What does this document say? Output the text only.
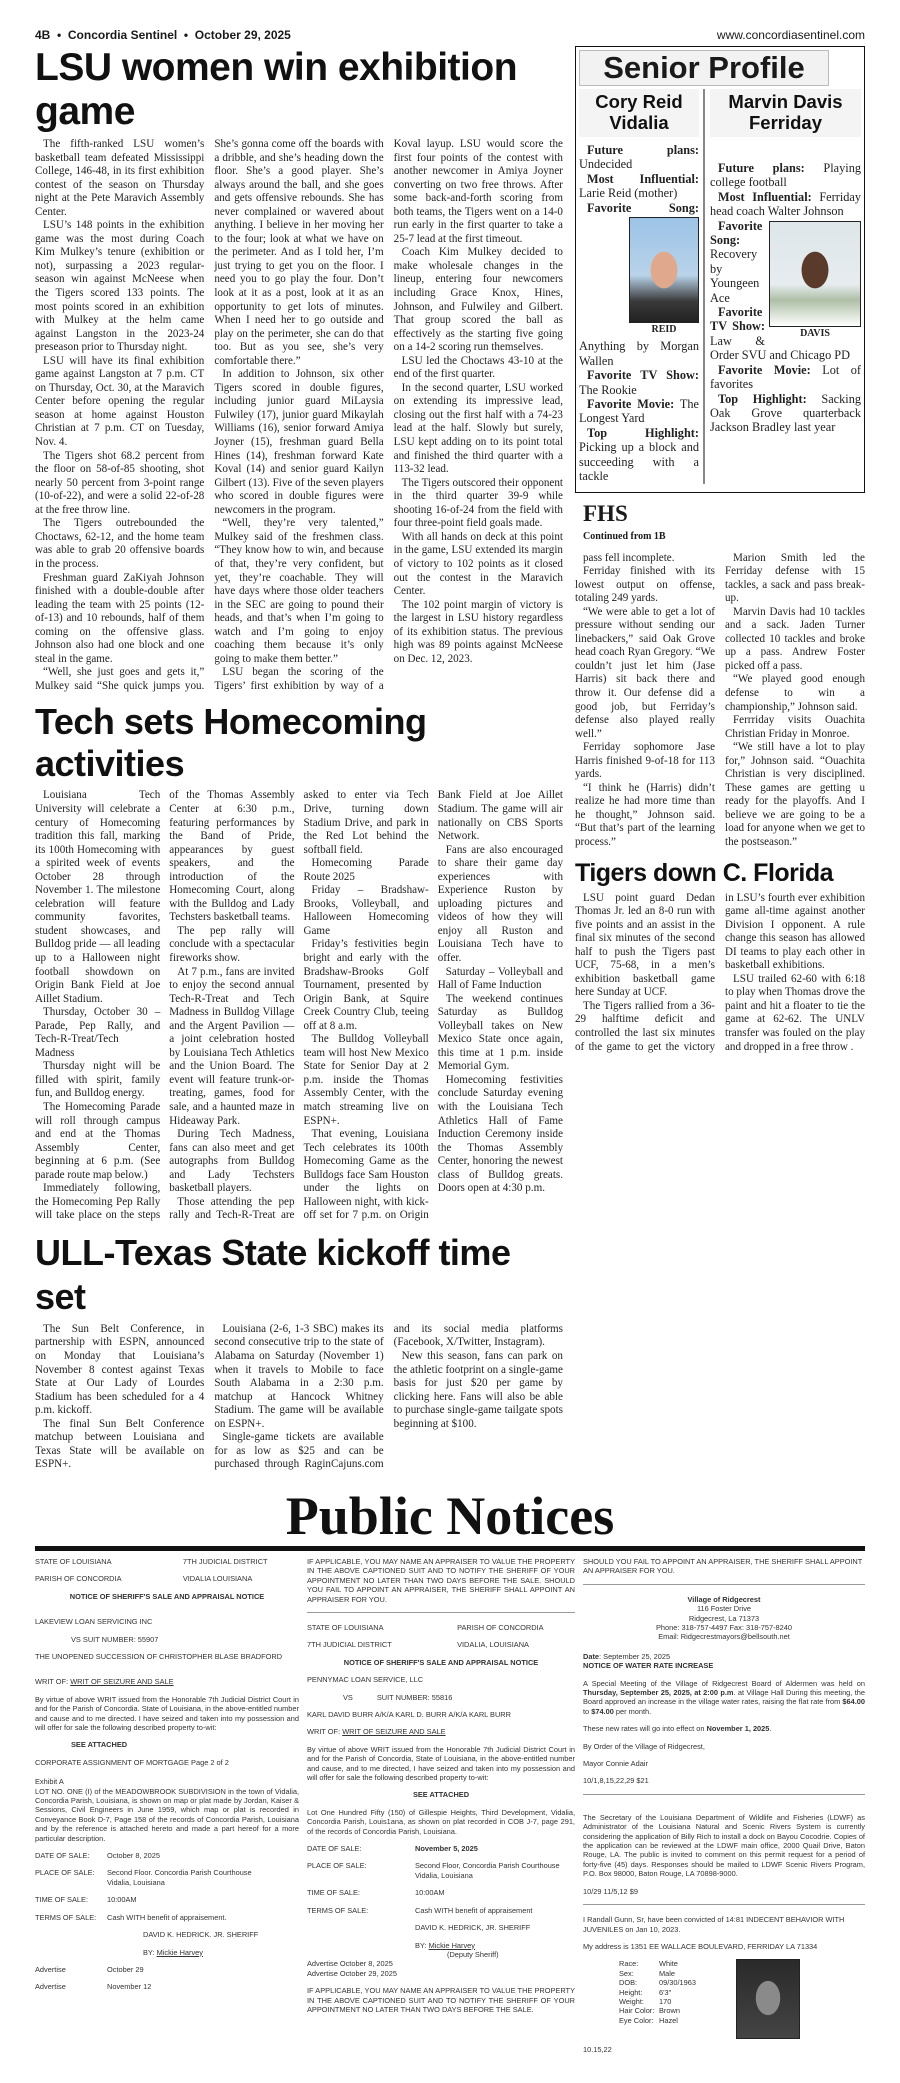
4B • Concordia Sentinel • October 29, 2025	www.concordiasentinel.com
LSU women win exhibition game

The fifth-ranked LSU women’s basketball team defeated Mississippi College, 146-48, in its first exhibition contest of the season on Thursday night at the Pete Maravich Assembly Center.

LSU’s 148 points in the exhibition game was the most during Coach Kim Mulkey’s tenure (exhibition or not), surpassing a 2023 regular-season win against McNeese when the Tigers scored 133 points. The most points scored in an exhibition with Mulkey at the helm came against Langston in the 2023-24 preseason prior to Thursday night.

LSU will have its final exhibition game against Langston at 7 p.m. CT on Thursday, Oct. 30, at the Maravich Center before opening the regular season at home against Houston Christian at 7 p.m. CT on Tuesday, Nov. 4.

The Tigers shot 68.2 percent from the floor on 58-of-85 shooting, shot nearly 50 percent from 3-point range (10-of-22), and were a solid 22-of-28 at the free throw line.

The Tigers outrebounded the Choctaws, 62-12, and the home team was able to grab 20 offensive boards in the process.

Freshman guard ZaKiyah Johnson finished with a double-double after leading the team with 25 points (12-of-13) and 10 rebounds, half of them coming on the offensive glass. Johnson also had one block and one steal in the game.

“Well, she just goes and gets it,” Mulkey said “She quick jumps you. She’s gonna come off the boards with a dribble, and she’s heading down the floor. She’s a good player. She’s always around the ball, and she goes and gets offensive rebounds. She has never complained or wavered about anything. I believe in her moving her to the four; look at what we have on the perimeter. And as I told her, I’m just trying to get you on the floor. I need you to go play the four. Don’t look at it as a post, look at it as an opportunity to get lots of minutes. When I need her to go outside and play on the perimeter, she can do that too. But as you see, she’s very comfortable there.”

In addition to Johnson, six other Tigers scored in double figures, including junior guard MiLaysia Fulwiley (17), junior guard Mikaylah Williams (16), senior forward Amiya Joyner (15), freshman guard Bella Hines (14), freshman forward Kate Koval (14) and senior guard Kailyn Gilbert (13). Five of the seven players who scored in double figures were newcomers in the program.

“Well, they’re very talented,” Mulkey said of the freshmen class. “They know how to win, and because of that, they’re very confident, but yet, they’re coachable. They will have days where those older teachers in the SEC are going to pound their heads, and that’s when I’m going to watch and I’m going to enjoy coaching them because it’s only going to make them better.”

LSU began the scoring of the Tigers’ first exhibition by way of a Koval layup. LSU would score the first four points of the contest with another newcomer in Amiya Joyner converting on two free throws. After some back-and-forth scoring from both teams, the Tigers went on a 14-0 run early in the first quarter to take a 25-7 lead at the first timeout.

Coach Kim Mulkey decided to make wholesale changes in the lineup, entering four newcomers including Grace Knox, Hines, Johnson, and Fulwiley and Gilbert. That group scored the ball as effectively as the starting five going on a 14-2 scoring run themselves.

LSU led the Choctaws 43-10 at the end of the first quarter.

In the second quarter, LSU worked on extending its impressive lead, closing out the first half with a 74-23 lead at the half. Slowly but surely, LSU kept adding on to its point total and finished the third quarter with a 113-32 lead.

The Tigers outscored their opponent in the third quarter 39-9 while shooting 16-of-24 from the field with four three-point field goals made.

With all hands on deck at this point in the game, LSU extended its margin of victory to 102 points as it closed out the contest in the Maravich Center.

The 102 point margin of victory is the largest in LSU history regardless of its exhibition status. The previous high was 89 points against McNeese on Dec. 12, 2023.

Tech sets Homecoming activities

Louisiana Tech University will celebrate a century of Homecoming tradition this fall, marking its 100th Homecoming with a spirited week of events October 28 through November 1. The milestone celebration will feature community favorites, student showcases, and Bulldog pride — all leading up to a Halloween night football showdown on Origin Bank Field at Joe Aillet Stadium.

Thursday, October 30 – Parade, Pep Rally, and Tech-R-Treat/Tech Madness

Thursday night will be filled with spirit, family fun, and Bulldog energy.

The Homecoming Parade will roll through campus and end at the Thomas Assembly Center, beginning at 6 p.m. (See parade route map below.)

Immediately following, the Homecoming Pep Rally will take place on the steps of the Thomas Assembly Center at 6:30 p.m., featuring performances by the Band of Pride, appearances by guest speakers, and the introduction of the Homecoming Court, along with the Bulldog and Lady Techsters basketball teams.

The pep rally will conclude with a spectacular fireworks show.

At 7 p.m., fans are invited to enjoy the second annual Tech-R-Treat and Tech Madness in Bulldog Village and the Argent Pavilion — a joint celebration hosted by Louisiana Tech Athletics and the Union Board. The event will feature trunk-or-treating, games, food for sale, and a haunted maze in Hideaway Park.

During Tech Madness, fans can also meet and get autographs from Bulldog and Lady Techsters basketball players.

Those attending the pep rally and Tech-R-Treat are asked to enter via Tech Drive, turning down Stadium Drive, and park in the Red Lot behind the softball field.

Homecoming Parade Route 2025

Friday – Bradshaw-Brooks, Volleyball, and Halloween Homecoming Game

Friday’s festivities begin bright and early with the Bradshaw-Brooks Golf Tournament, presented by Origin Bank, at Squire Creek Country Club, teeing off at 8 a.m.

The Bulldog Volleyball team will host New Mexico State for Senior Day at 2 p.m. inside the Thomas Assembly Center, with the match streaming live on ESPN+.

That evening, Louisiana Tech celebrates its 100th Homecoming Game as the Bulldogs face Sam Houston under the lights on Halloween night, with kick-off set for 7 p.m. on Origin Bank Field at Joe Aillet Stadium. The game will air nationally on CBS Sports Network.

Fans are also encouraged to share their game day experiences with Experience Ruston by uploading pictures and videos of how they will enjoy all Ruston and Louisiana Tech have to offer.

Saturday – Volleyball and Hall of Fame Induction

The weekend continues Saturday as Bulldog Volleyball takes on New Mexico State once again, this time at 1 p.m. inside Memorial Gym.

Homecoming festivities conclude Saturday evening with the Louisiana Tech Athletics Hall of Fame Induction Ceremony inside the Thomas Assembly Center, honoring the newest class of Bulldog greats. Doors open at 4:30 p.m.

ULL-Texas State kickoff time set

The Sun Belt Conference, in partnership with ESPN, announced on Monday that Louisiana’s November 8 contest against Texas State at Our Lady of Lourdes Stadium has been scheduled for a 4 p.m. kickoff.

The final Sun Belt Conference matchup between Louisiana and Texas State will be available on ESPN+.

Louisiana (2-6, 1-3 SBC) makes its second consecutive trip to the state of Alabama on Saturday (November 1) when it travels to Mobile to face South Alabama in a 2:30 p.m. matchup at Hancock Whitney Stadium. The game will be available on ESPN+.

Single-game tickets are available for as low as $25 and can be purchased through RaginCajuns.com and its social media platforms (Facebook, X/Twitter, Instagram).

New this season, fans can park on the athletic footprint on a single-game basis for just $20 per game by clicking here. Fans will also be able to purchase single-game tailgate spots beginning at $100.

Senior Profile
Cory Reid
Vidalia

Future plans: Undecided

Most Influential: Larie Reid (mother)

Favorite Song:
REID
Anything by Morgan Wallen

Favorite TV Show: The Rookie

Favorite Movie: The Longest Yard

Top Highlight: Picking up a block and succeeding with a tackle

Marvin Davis
Ferriday

Future plans: Playing college football

Most Influential: Ferriday head coach Walter Johnson

DAVIS
Favorite Song: Recovery by Youngeen Ace

Favorite TV Show: Law & Order SVU and Chicago PD

Favorite Movie: Lot of favorites

Top Highlight: Sacking Oak Grove quarterback Jackson Bradley last year

FHS
Continued from 1B

pass fell incomplete.

Ferriday finished with its lowest output on offense, totaling 249 yards.

“We were able to get a lot of pressure without sending our linebackers,” said Oak Grove head coach Ryan Gregory. “We couldn’t just let him (Jase Harris) sit back there and throw it. Our defense did a good job, but Ferriday’s defense also played really well.”

Ferriday sophomore Jase Harris finished 9-of-18 for 113 yards.

“I think he (Harris) didn’t realize he had more time than he thought,” Johnson said. “But that’s part of the learning process.”

Marion Smith led the Ferriday defense with 15 tackles, a sack and pass break-up.

Marvin Davis had 10 tackles and a sack. Jaden Turner collected 10 tackles and broke up a pass. Andrew Foster picked off a pass.

“We played good enough defense to win a championship,” Johnson said.

Ferrriday visits Ouachita Christian Friday in Monroe.

“We still have a lot to play for,” Johnson said. “Ouachita Christian is very disciplined. These games are getting u ready for the playoffs. And I believe we are going to be a load for anyone when we get to the postseason.”

Tigers down C. Florida

LSU point guard Dedan Thomas Jr. led an 8-0 run with five points and an assist in the final six minutes of the second half to push the Tigers past UCF, 75-68, in a men’s exhibition basketball game here Sunday at UCF.

The Tigers rallied from a 36-29 halftime deficit and controlled the last six minutes of the game to get the victory in LSU’s fourth ever exhibition game all-time against another Division I opponent. A rule change this season has allowed DI teams to play each other in basketball exhibitions.

LSU trailed 62-60 with 6:18 to play when Thomas drove the paint and hit a floater to tie the game at 62-62. The UNLV transfer was fouled on the play and dropped in a free throw .

Public Notices

STATE OF LOUISIANA	7TH JUDICIAL DISTRICT

PARISH OF CONCORDIA	VIDALIA LOUISIANA

NOTICE OF SHERIFF'S SALE AND APPRAISAL NOTICE

LAKEVIEW LOAN SERVICING INC

VS SUIT NUMBER: 55907

THE UNOPENED SUCCESSION OF CHRISTOPHER BLASE BRADFORD

WRIT OF: WRIT OF SEIZURE AND SALE

By virtue of above WRIT issued from the Honorable 7th Judicial District Court in and for the Parish of Concordia. State of Louisiana, in the above-entitled number and cause and to me directed. I have seized and taken into my possession and will offer for sale the following described property to-wit:

SEE ATTACHED

CORPORATE ASSIGNMENT OF MORTGAGE Page 2 of 2

Exhibit A

LOT NO. ONE (I) of the MEADOWBROOK SUBDIVISION in the town of Vidalia, Concordia Parish, Louisiana, is shown on map or plat made by Jordan, Kaiser & Sessions, Civil Engineers in June 1959, which map or plat is recorded in Conveyance Book D-7, Page 158 of the records of Concordia Parish, Louisiana and by the reference is attached hereto and made a part hereof for a more particular description.

DATE OF SALE:	October 8, 2025

PLACE OF SALE:	Second Floor. Concordia Parish Courthouse
Vidalia, Louisiana

TIME OF SALE:	10:00AM

TERMS OF SALE:	Cash WITH benefit of appraisement.

DAVID K. HEDRICK. JR. SHERIFF

BY: Mickie Harvey

Advertise	October 29

Advertise	November 12

IF APPLICABLE, YOU MAY NAME AN APPRAISER TO VALUE THE PROPERTY IN THE ABOVE CAPTIONED SUIT AND TO NOTIFY THE SHERIFF OF YOUR APPOINTMENT NO LATER THAN TWO DAYS BEFORE THE SALE. SHOULD YOU FAIL TO APPOINT AN APPRAISER, THE SHERIFF SHALL APPOINT AN APPRAISER FOR YOU.

STATE OF LOUISIANA	PARISH OF CONCORDIA

7TH JUDICIAL DISTRICT	VIDALIA, LOUISIANA

NOTICE OF SHERIFF'S SALE AND APPRAISAL NOTICE

PENNYMAC LOAN SERVICE, LLC

VS	SUIT NUMBER: 55816

KARL DAVID BURR A/K/A KARL D. BURR A/K/A KARL BURR

WRIT OF: WRIT OF SEIZURE AND SALE

By virtue of above WRIT issued from the Honorable 7th Judicial District Court in and for the Parish of Concordia, State of Louisiana, in the above-entitled number and cause, and to me directed, I have seized and taken into my possession and will offer for sale the following described property to-wit:

SEE ATTACHED

Lot One Hundred Fifty (150) of Gillespie Heights, Third Development, Vidalia, Concordia Parish, Louis1ana, as shown on plat recorded in COB J-7, page 291, of the records of Concordia Parish, Louisiana.

DATE OF SALE:	November 5, 2025

PLACE OF SALE:	Second Floor, Concordia Parish Courthouse
Vidalia, Louisiana

TIME OF SALE:	10:00AM

TERMS OF SALE:	Cash WITH benefit of appraisement

DAVID K. HEDRICK, JR. SHERIFF

BY: Mickie Harvey

(Deputy Sheriff)

Advertise October 8, 2025

Advertise October 29, 2025

IF APPLICABLE, YOU MAY NAME AN APPRAISER TO VALUE THE PROPERTY IN THE ABOVE CAPTIONED SUIT AND TO NOTIFY THE SHERIFF OF YOUR APPOINTMENT NO LATER THAN TWO DAYS BEFORE THE SALE.

SHOULD YOU FAIL TO APPOINT AN APPRAISER, THE SHERIFF SHALL APPOINT AN APPRAISER FOR YOU.

Village of Ridgecrest
116 Foster Drive
Ridgecrest, La 71373
Phone: 318-757-4497 Fax: 318-757-8240
Email: Ridgecrestmayors@bellsouth.net

Date: September 25, 2025

NOTICE OF WATER RATE INCREASE

A Special Meeting of the Village of Ridgecrest Board of Aldermen was held on Thursday, September 25, 2025, at 2:00 p.m. at Village Hall During this meeting, the Board approved an increase in the village water rates, raising the flat rate from $64.00 to $74.00 per month.

These new rates will go into effect on November 1, 2025.

By Order of the Village of Ridgecrest,

Mayor Connie Adair

10/1,8,15,22,29 $21

The Secretary of the Louisiana Department of Wildlife and Fisheries (LDWF) as Administrator of the Louisiana Natural and Scenic Rivers System is currently considering the application of Billy Rich to install a dock on Bayou Cocodrie. Copies of the application can be reviewed at the LDWF main office, 2000 Quail Drive, Baton Rouge, LA. The public is invited to comment on this permit request for a period of forty-five (45) days. Responses should be mailed to LDWF Scenic Rivers Program, P.O. Box 98000, Baton Rouge, LA 70898-9000.

10/29 11/5,12 $9

I Randall Gunn, Sr, have been convicted of 14:81 INDECENT BEHAVIOR WITH JUVENILES on Jan 10, 2023.

My address is 1351 EE WALLACE BOULEVARD, FERRIDAY LA 71334

Race:	White
Sex:	Male
DOB:	09/30/1963
Height:	6'3"
Weight:	170
Hair Color: Brown
Eye Color: Hazel

10.15,22
